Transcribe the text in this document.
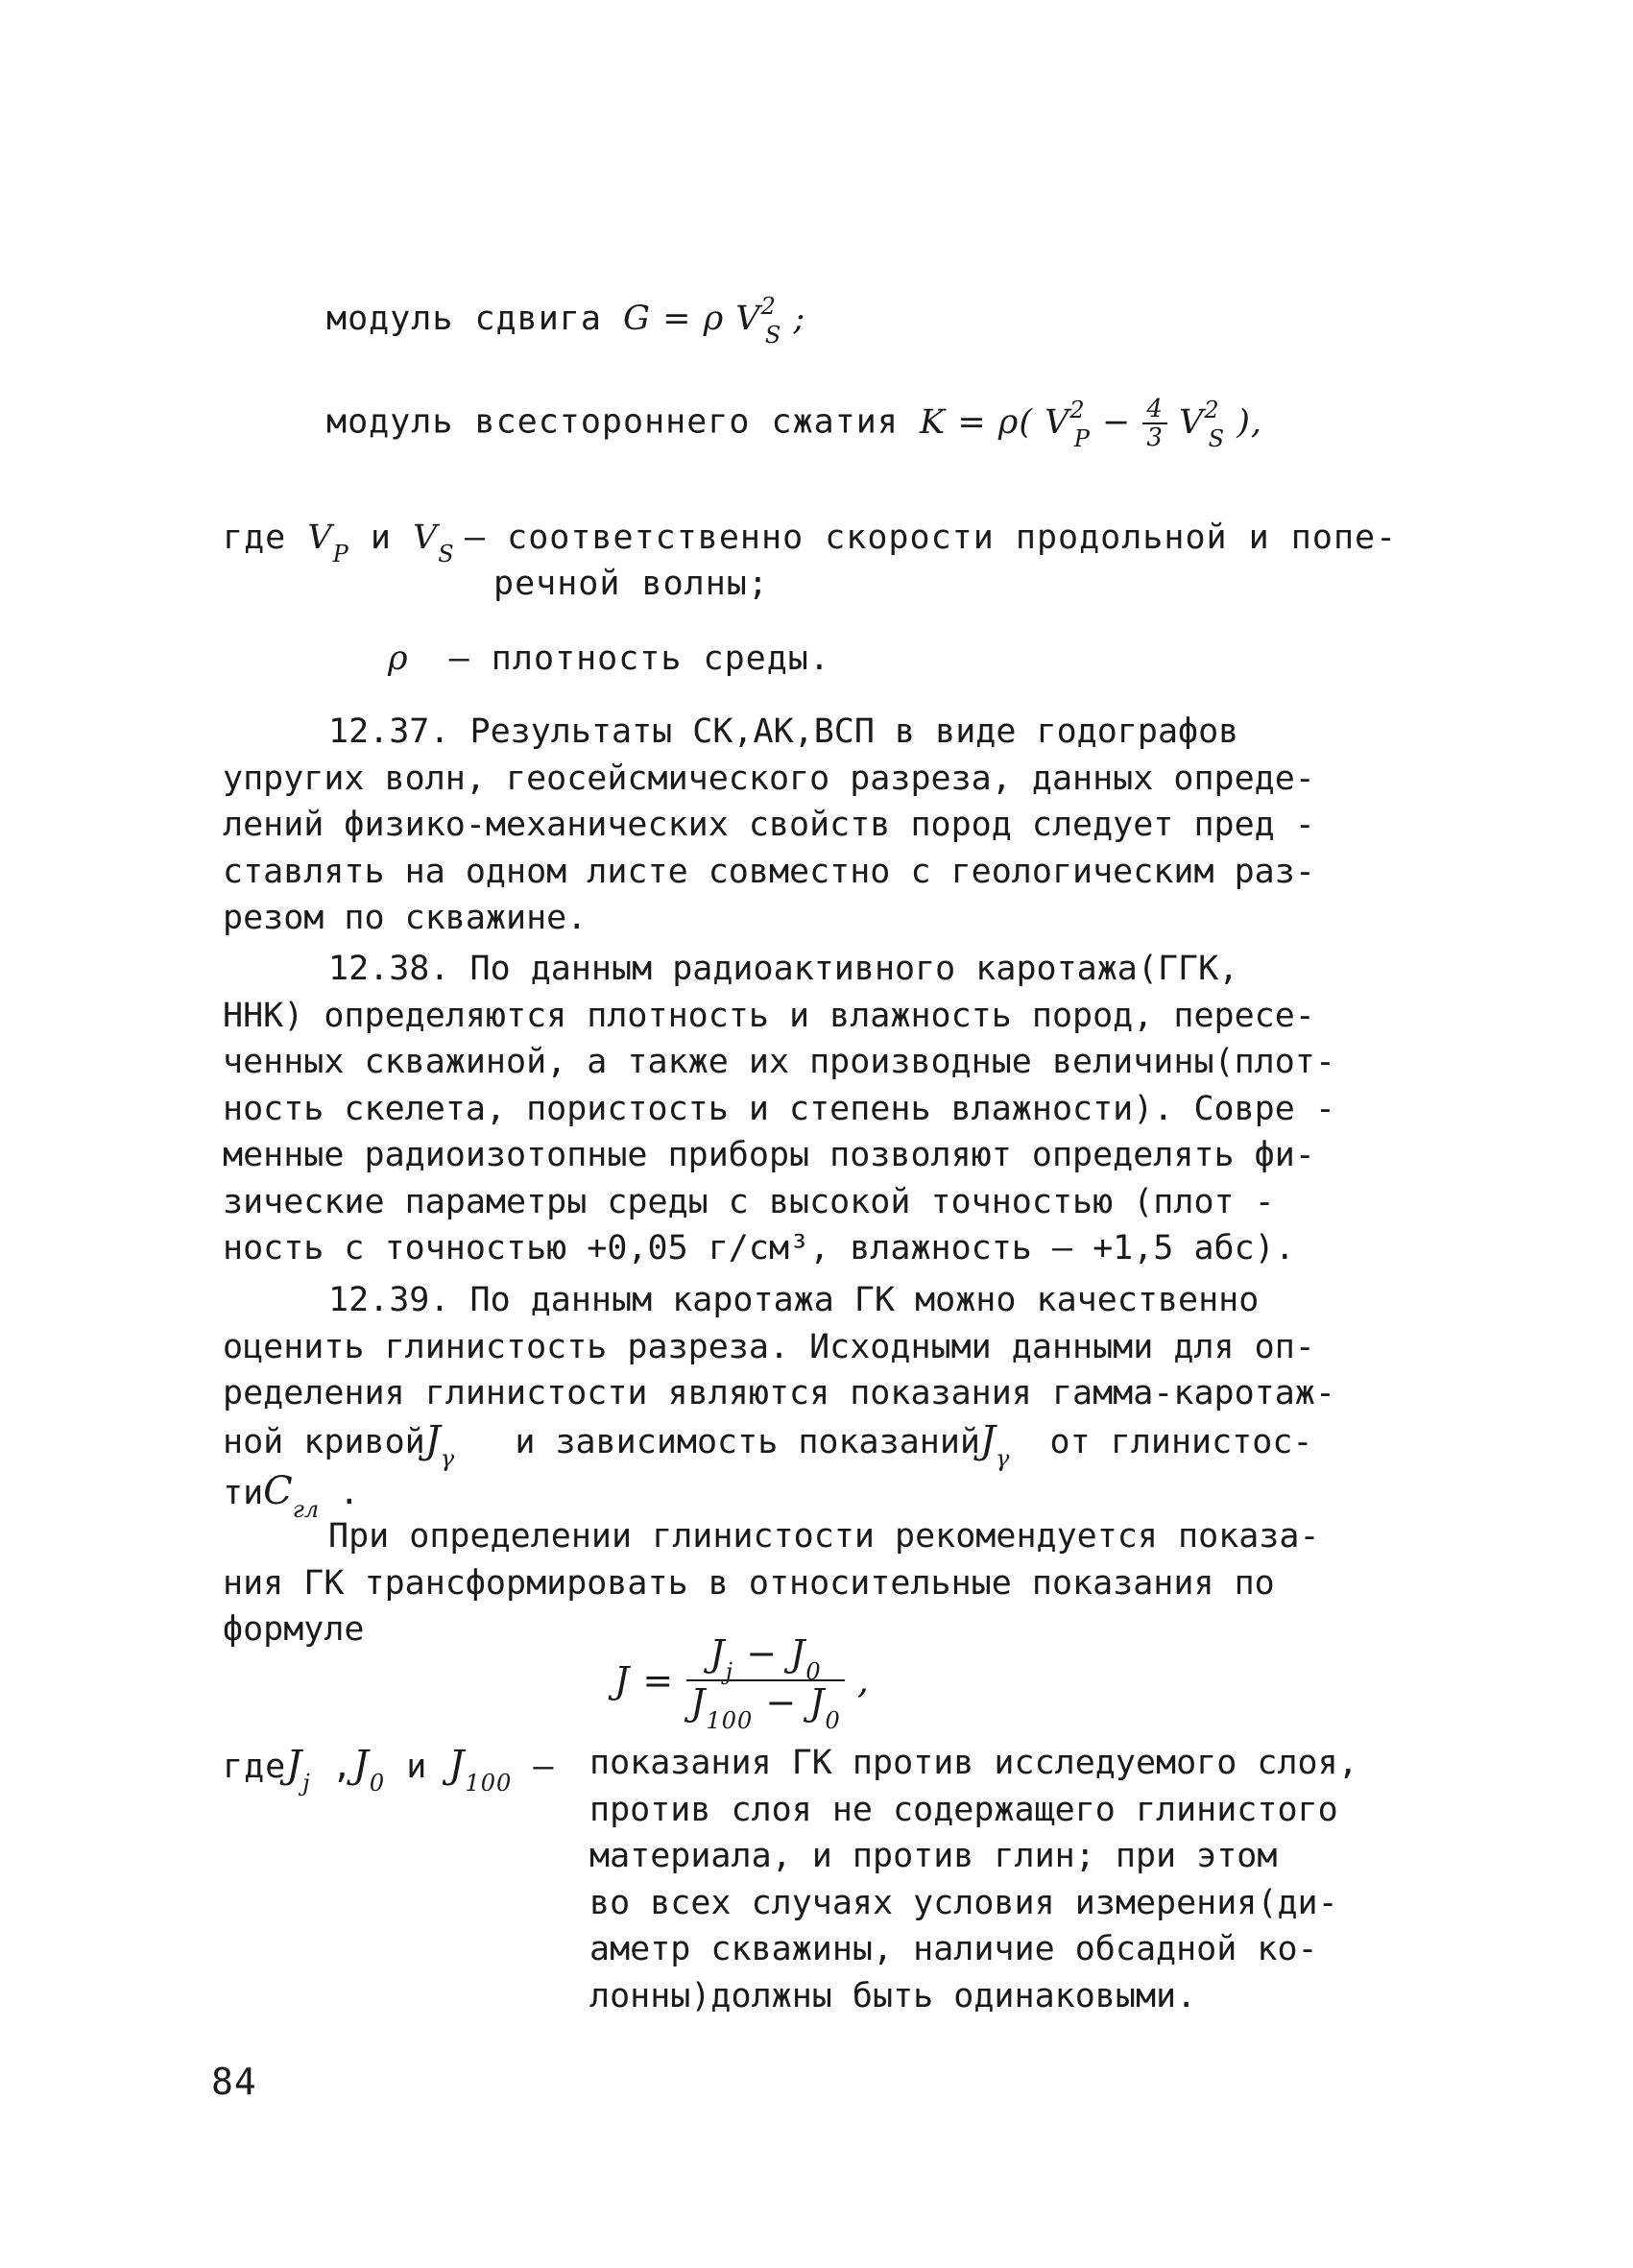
модуль сдвига G = ρ $V^2_S$ ;
модуль всестороннего сжатия K = ρ( $V^2_P - \frac{4}{3} V^2_S$ ),
где $V_P$ и $V_S$ – соответственно скорости продольной и попе-
речной волны;
ρ – плотность среды.
12.37. Результаты СК,АК,ВСП в виде годографов
упругих волн, геосейсмического разреза, данных опреде-
лений физико-механических свойств пород следует пред -
ставлять на одном листе совместно с геологическим раз-
резом по скважине.
12.38. По данным радиоактивного каротажа(ГГК,
ННК) определяются плотность и влажность пород, пересе-
ченных скважиной, а также их производные величины(плот-
ность скелета, пористость и степень влажности). Совре -
менные радиоизотопные приборы позволяют определять фи-
зические параметры среды с высокой точностью (плот -
ность с точностью +0,05 г/см³, влажность – +1,5 абс).
12.39. По данным каротажа ГК можно качественно
оценить глинистость разреза. Исходными данными для оп-
ределения глинистости являются показания гамма-каротаж-
ной кривойJ$_\gamma$ и зависимость показанийJ$_\gamma$ от глинистос-
тиC$_{гл}$ .
При определении глинистости рекомендуется показа-
ния ГК трансформировать в относительные показания по
формуле
$J = \frac{J_j - J_0}{J_{100} - J_0}$ ,
гдеJ$_j$ $,J_0$ и $J_{100}$ – показания ГК против исследуемого слоя,
против слоя не содержащего глинистого
материала, и против глин; при этом
во всех случаях условия измерения(ди-
аметр скважины, наличие обсадной ко-
лонны)должны быть одинаковыми.
84
